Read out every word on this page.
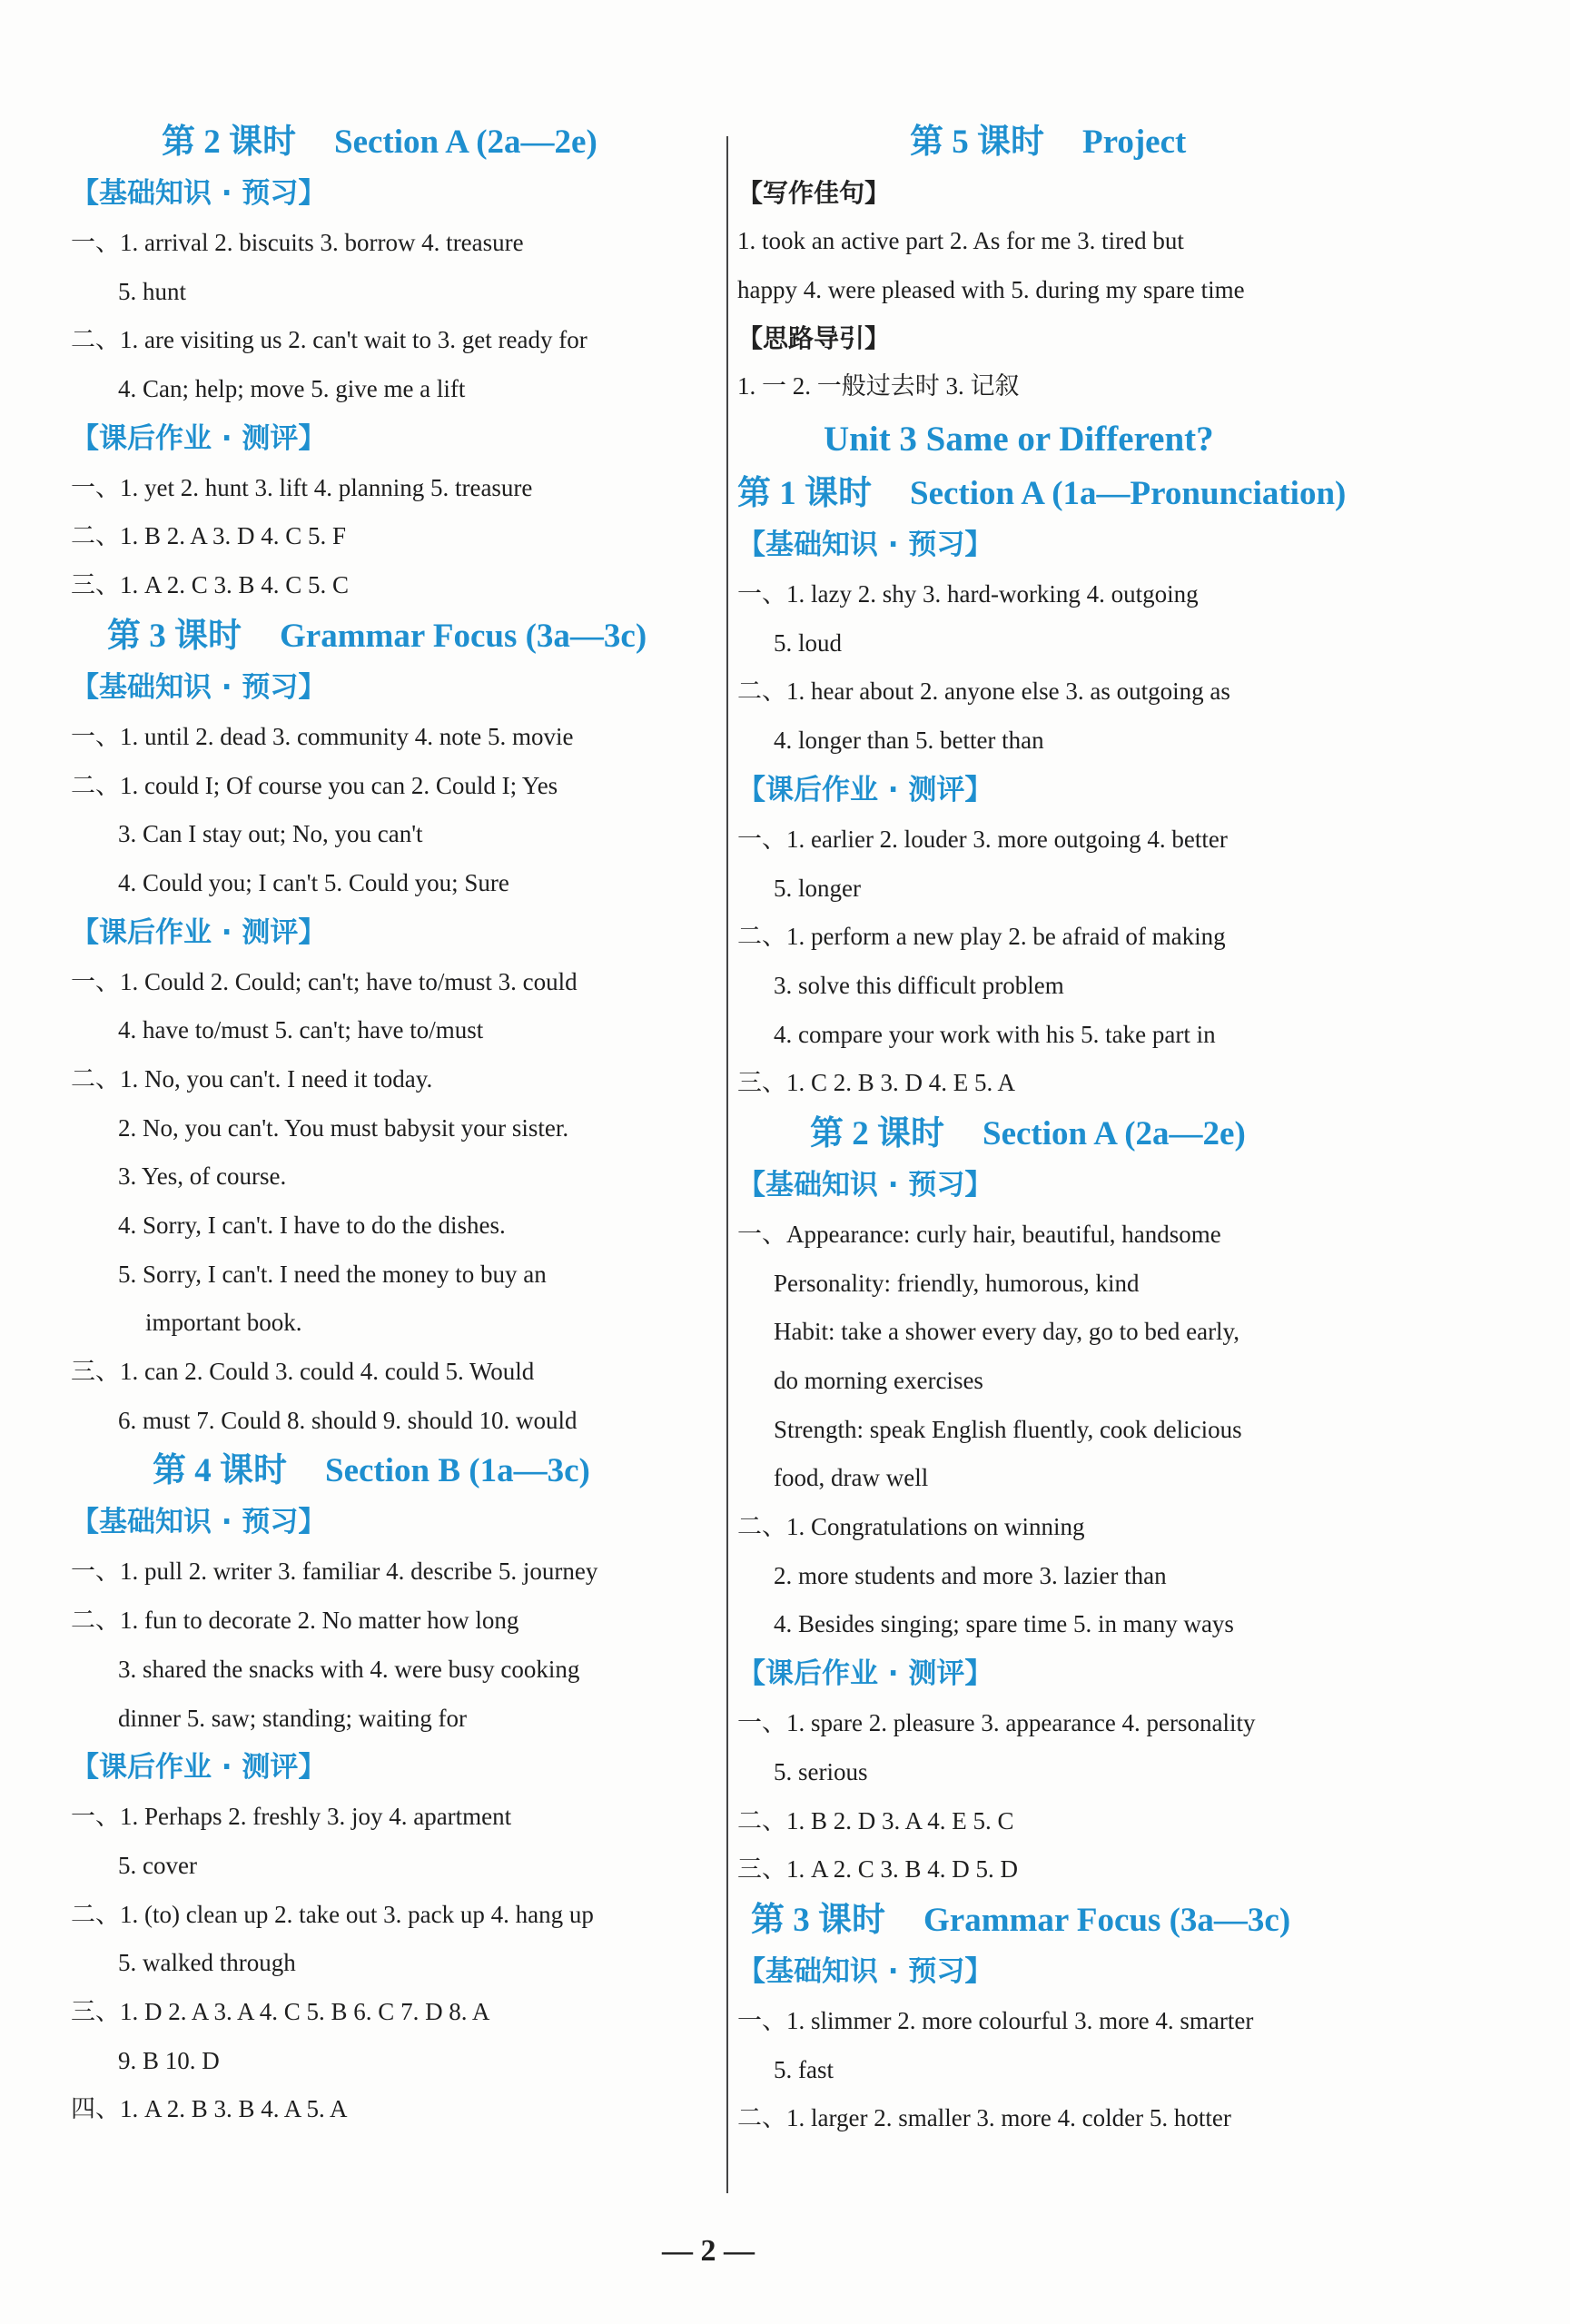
第 2 课时 Section A (2a—2e)
【基础知识 · 预习】
一、1. arrival 2. biscuits 3. borrow 4. treasure
5. hunt
二、1. are visiting us 2. can't wait to 3. get ready for
4. Can; help; move 5. give me a lift
【课后作业 · 测评】
一、1. yet 2. hunt 3. lift 4. planning 5. treasure
二、1. B 2. A 3. D 4. C 5. F
三、1. A 2. C 3. B 4. C 5. C
第 3 课时 Grammar Focus (3a—3c)
【基础知识 · 预习】
一、1. until 2. dead 3. community 4. note 5. movie
二、1. could I; Of course you can 2. Could I; Yes
3. Can I stay out; No, you can't
4. Could you; I can't 5. Could you; Sure
【课后作业 · 测评】
一、1. Could 2. Could; can't; have to/must 3. could
4. have to/must 5. can't; have to/must
二、1. No, you can't. I need it today.
2. No, you can't. You must babysit your sister.
3. Yes, of course.
4. Sorry, I can't. I have to do the dishes.
5. Sorry, I can't. I need the money to buy an
important book.
三、1. can 2. Could 3. could 4. could 5. Would
6. must 7. Could 8. should 9. should 10. would
第 4 课时 Section B (1a—3c)
【基础知识 · 预习】
一、1. pull 2. writer 3. familiar 4. describe 5. journey
二、1. fun to decorate 2. No matter how long
3. shared the snacks with 4. were busy cooking
dinner 5. saw; standing; waiting for
【课后作业 · 测评】
一、1. Perhaps 2. freshly 3. joy 4. apartment
5. cover
二、1. (to) clean up 2. take out 3. pack up 4. hang up
5. walked through
三、1. D 2. A 3. A 4. C 5. B 6. C 7. D 8. A
9. B 10. D
四、1. A 2. B 3. B 4. A 5. A
第 5 课时 Project
【写作佳句】
1. took an active part 2. As for me 3. tired but
happy 4. were pleased with 5. during my spare time
【思路导引】
1. 一 2. 一般过去时 3. 记叙
Unit 3 Same or Different?
第 1 课时 Section A (1a—Pronunciation)
【基础知识 · 预习】
一、1. lazy 2. shy 3. hard-working 4. outgoing
5. loud
二、1. hear about 2. anyone else 3. as outgoing as
4. longer than 5. better than
【课后作业 · 测评】
一、1. earlier 2. louder 3. more outgoing 4. better
5. longer
二、1. perform a new play 2. be afraid of making
3. solve this difficult problem
4. compare your work with his 5. take part in
三、1. C 2. B 3. D 4. E 5. A
第 2 课时 Section A (2a—2e)
【基础知识 · 预习】
一、Appearance: curly hair, beautiful, handsome
Personality: friendly, humorous, kind
Habit: take a shower every day, go to bed early,
do morning exercises
Strength: speak English fluently, cook delicious
food, draw well
二、1. Congratulations on winning
2. more students and more 3. lazier than
4. Besides singing; spare time 5. in many ways
【课后作业 · 测评】
一、1. spare 2. pleasure 3. appearance 4. personality
5. serious
二、1. B 2. D 3. A 4. E 5. C
三、1. A 2. C 3. B 4. D 5. D
第 3 课时 Grammar Focus (3a—3c)
【基础知识 · 预习】
一、1. slimmer 2. more colourful 3. more 4. smarter
5. fast
二、1. larger 2. smaller 3. more 4. colder 5. hotter
— 2 —
